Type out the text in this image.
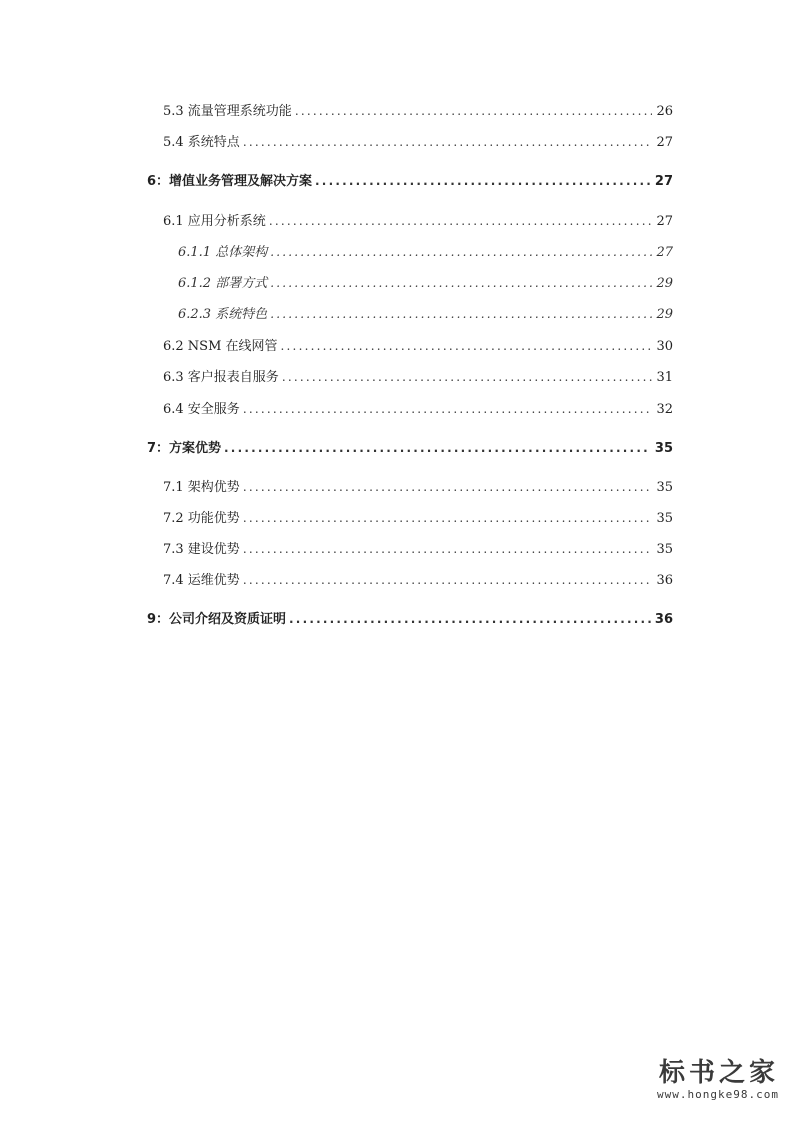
5.3 流量管理系统功能 .....	26
5.4 系统特点 .....	27
6：增值业务管理及解决方案 .....	27
6.1 应用分析系统 .....	27
6.1.1 总体架构 .....	27
6.1.2 部署方式 .....	29
6.2.3 系统特色 .....	29
6.2 NSM 在线网管 .....	30
6.3 客户报表自服务 .....	31
6.4 安全服务 .....	32
7：方案优势 .....	35
7.1 架构优势 .....	35
7.2 功能优势 .....	35
7.3 建设优势 .....	35
7.4 运维优势 .....	36
9：公司介绍及资质证明 .....	36
标书之家
www.hongke98.com
